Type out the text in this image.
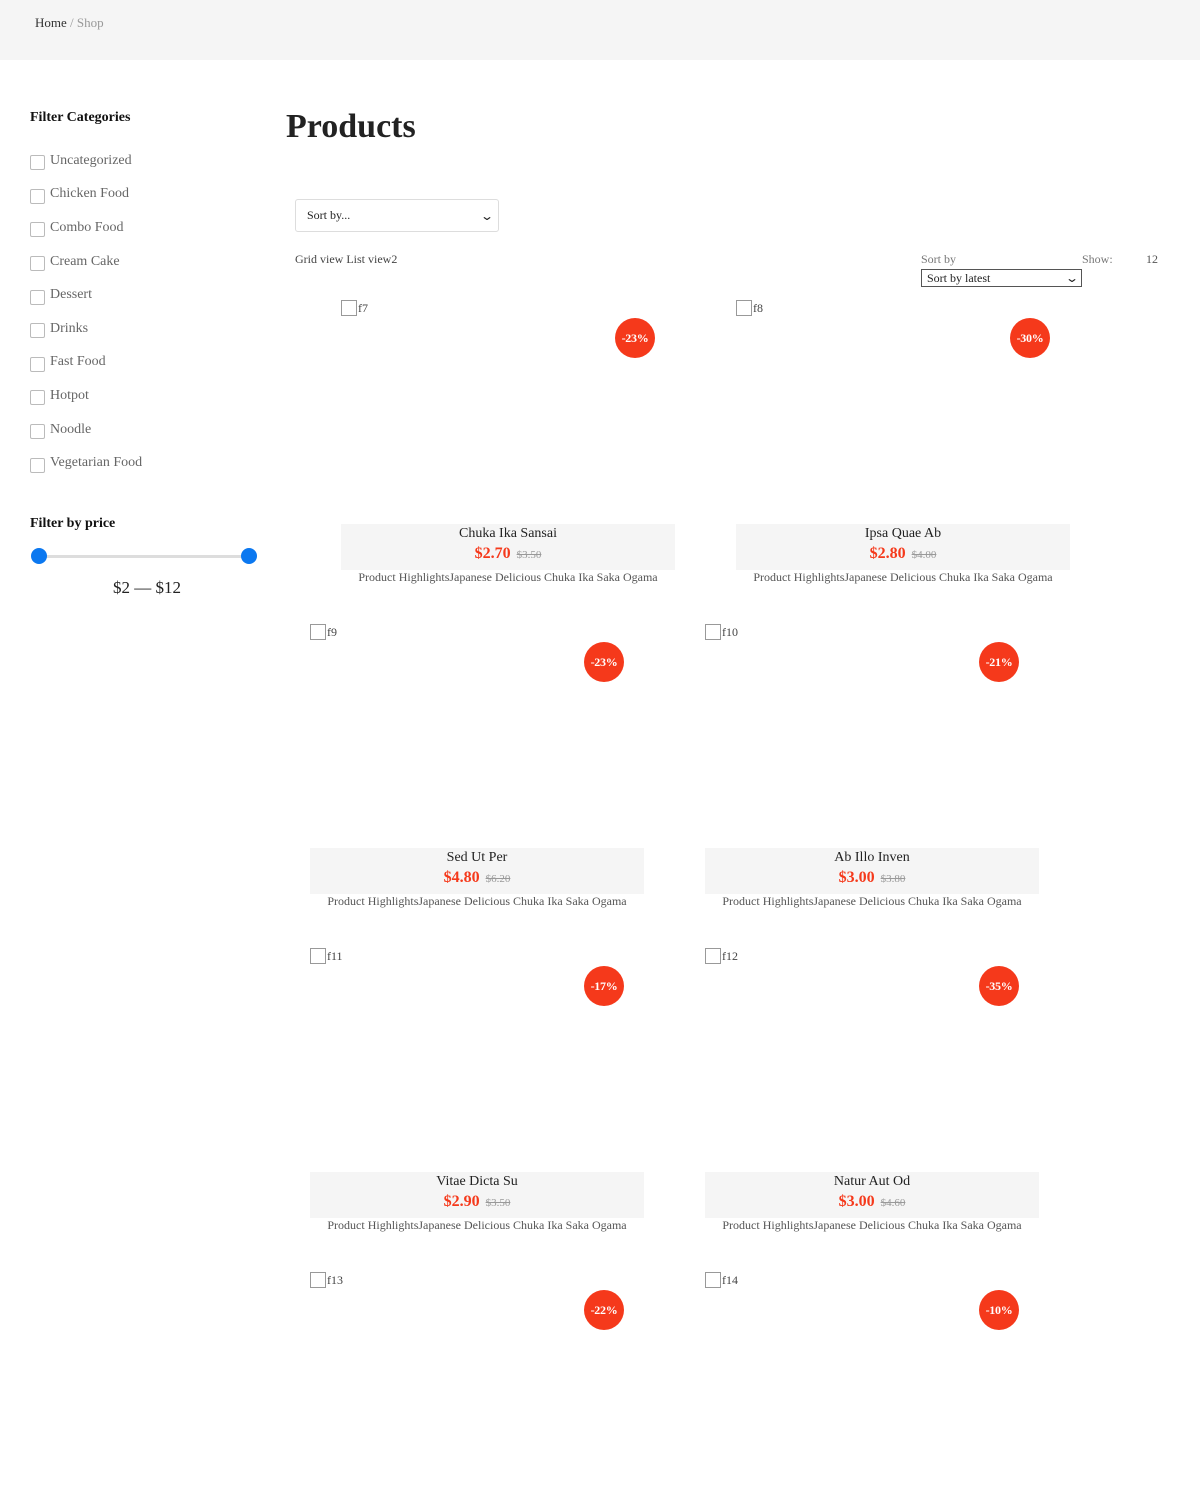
Home / Shop
Filter Categories
Uncategorized
Chicken Food
Combo Food
Cream Cake
Dessert
Drinks
Fast Food
Hotpot
Noodle
Vegetarian Food
Filter by price
$2 — $12
Products
Sort by...	⌄
Grid view List view2	Sort by
Sort by latest	⌄
Show:	12
f7
-23%
Chuka Ika Sansai
$2.70 $3.50
Product HighlightsJapanese Delicious Chuka Ika Saka Ogama
f8
-30%
Ipsa Quae Ab
$2.80 $4.00
Product HighlightsJapanese Delicious Chuka Ika Saka Ogama
f9
-23%
Sed Ut Per
$4.80 $6.20
Product HighlightsJapanese Delicious Chuka Ika Saka Ogama
f10
-21%
Ab Illo Inven
$3.00 $3.80
Product HighlightsJapanese Delicious Chuka Ika Saka Ogama
f11
-17%
Vitae Dicta Su
$2.90 $3.50
Product HighlightsJapanese Delicious Chuka Ika Saka Ogama
f12
-35%
Natur Aut Od
$3.00 $4.60
Product HighlightsJapanese Delicious Chuka Ika Saka Ogama
f13
-22%
f14
-10%
